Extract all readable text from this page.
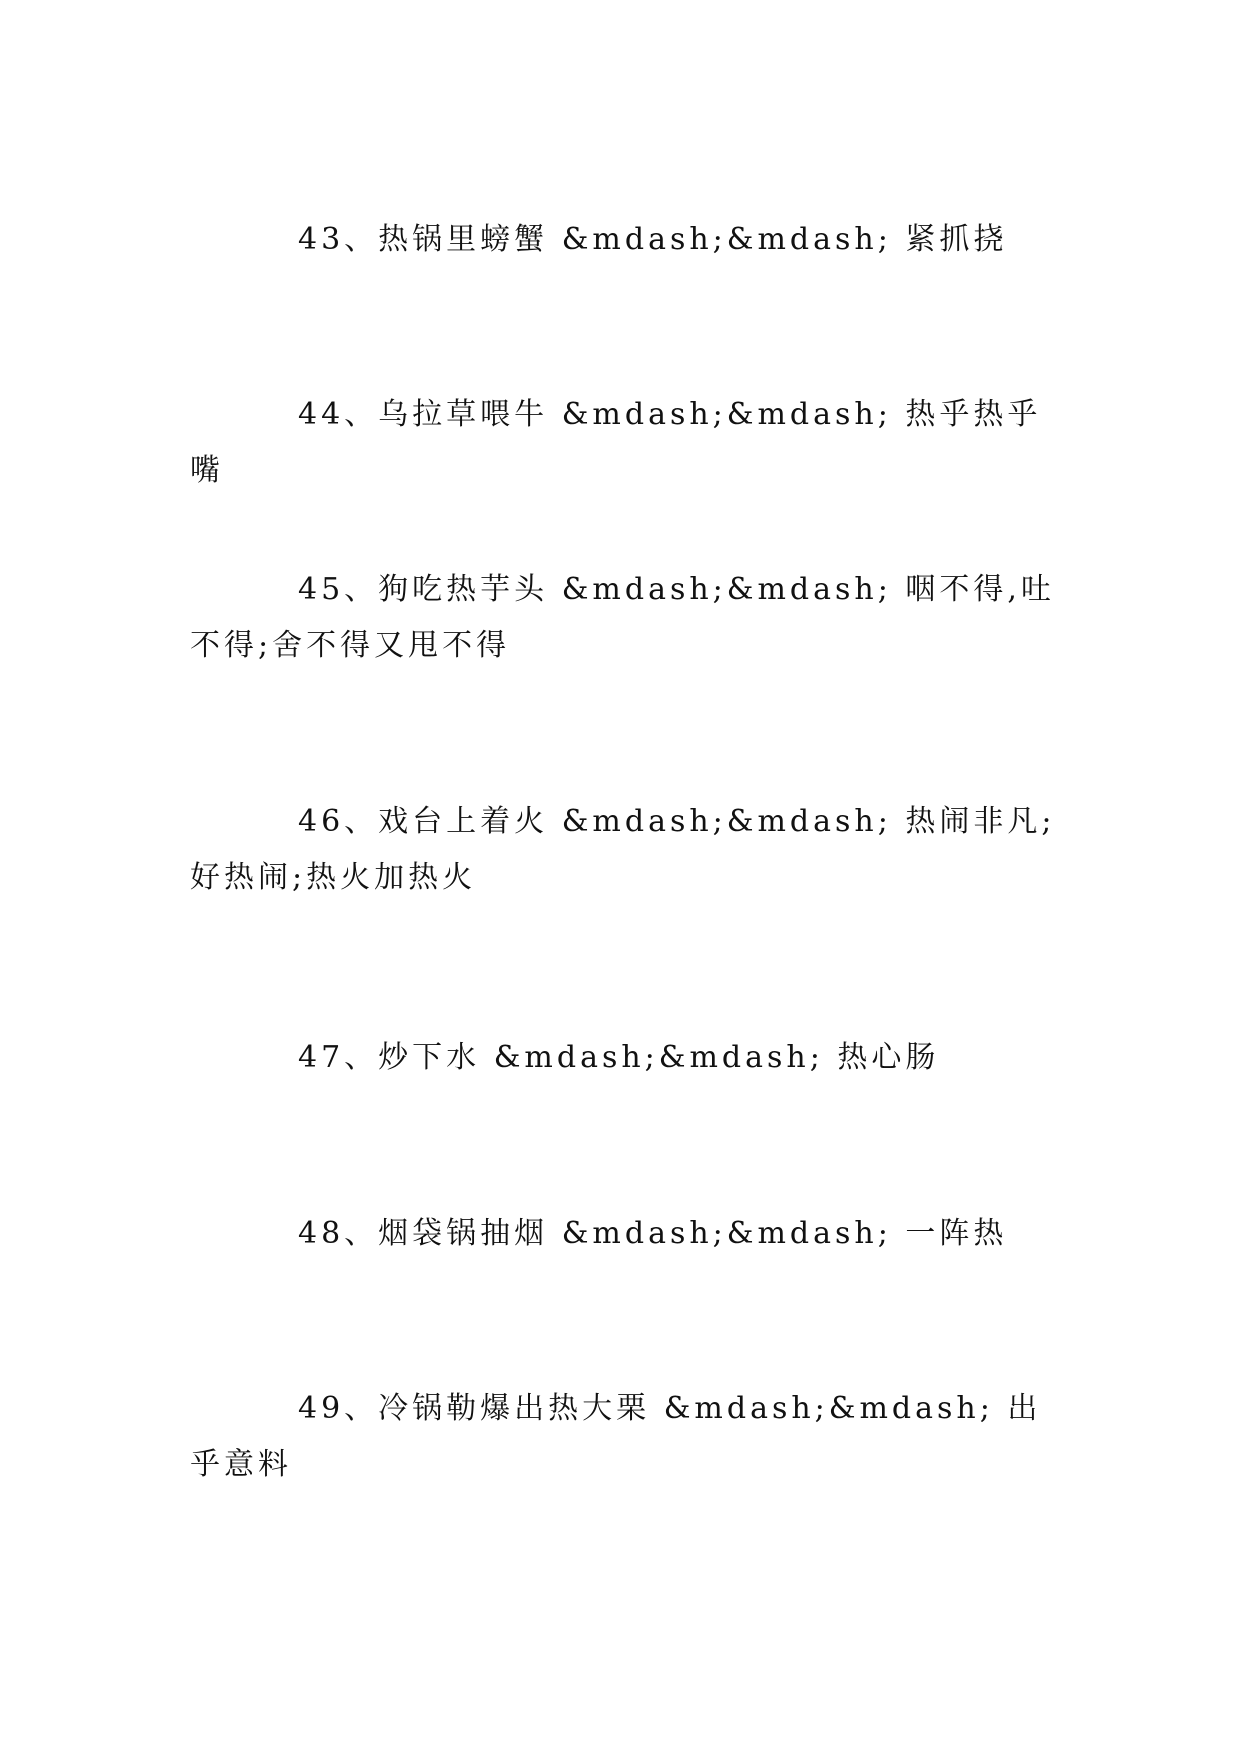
43、热锅里螃蟹 &mdash;&mdash; 紧抓挠

44、乌拉草喂牛 &mdash;&mdash; 热乎热乎嘴

45、狗吃热芋头 &mdash;&mdash; 咽不得,吐不得;舍不得又甩不得

46、戏台上着火 &mdash;&mdash; 热闹非凡;好热闹;热火加热火

47、炒下水 &mdash;&mdash; 热心肠

48、烟袋锅抽烟 &mdash;&mdash; 一阵热

49、冷锅勒爆出热大栗 &mdash;&mdash; 出乎意料
